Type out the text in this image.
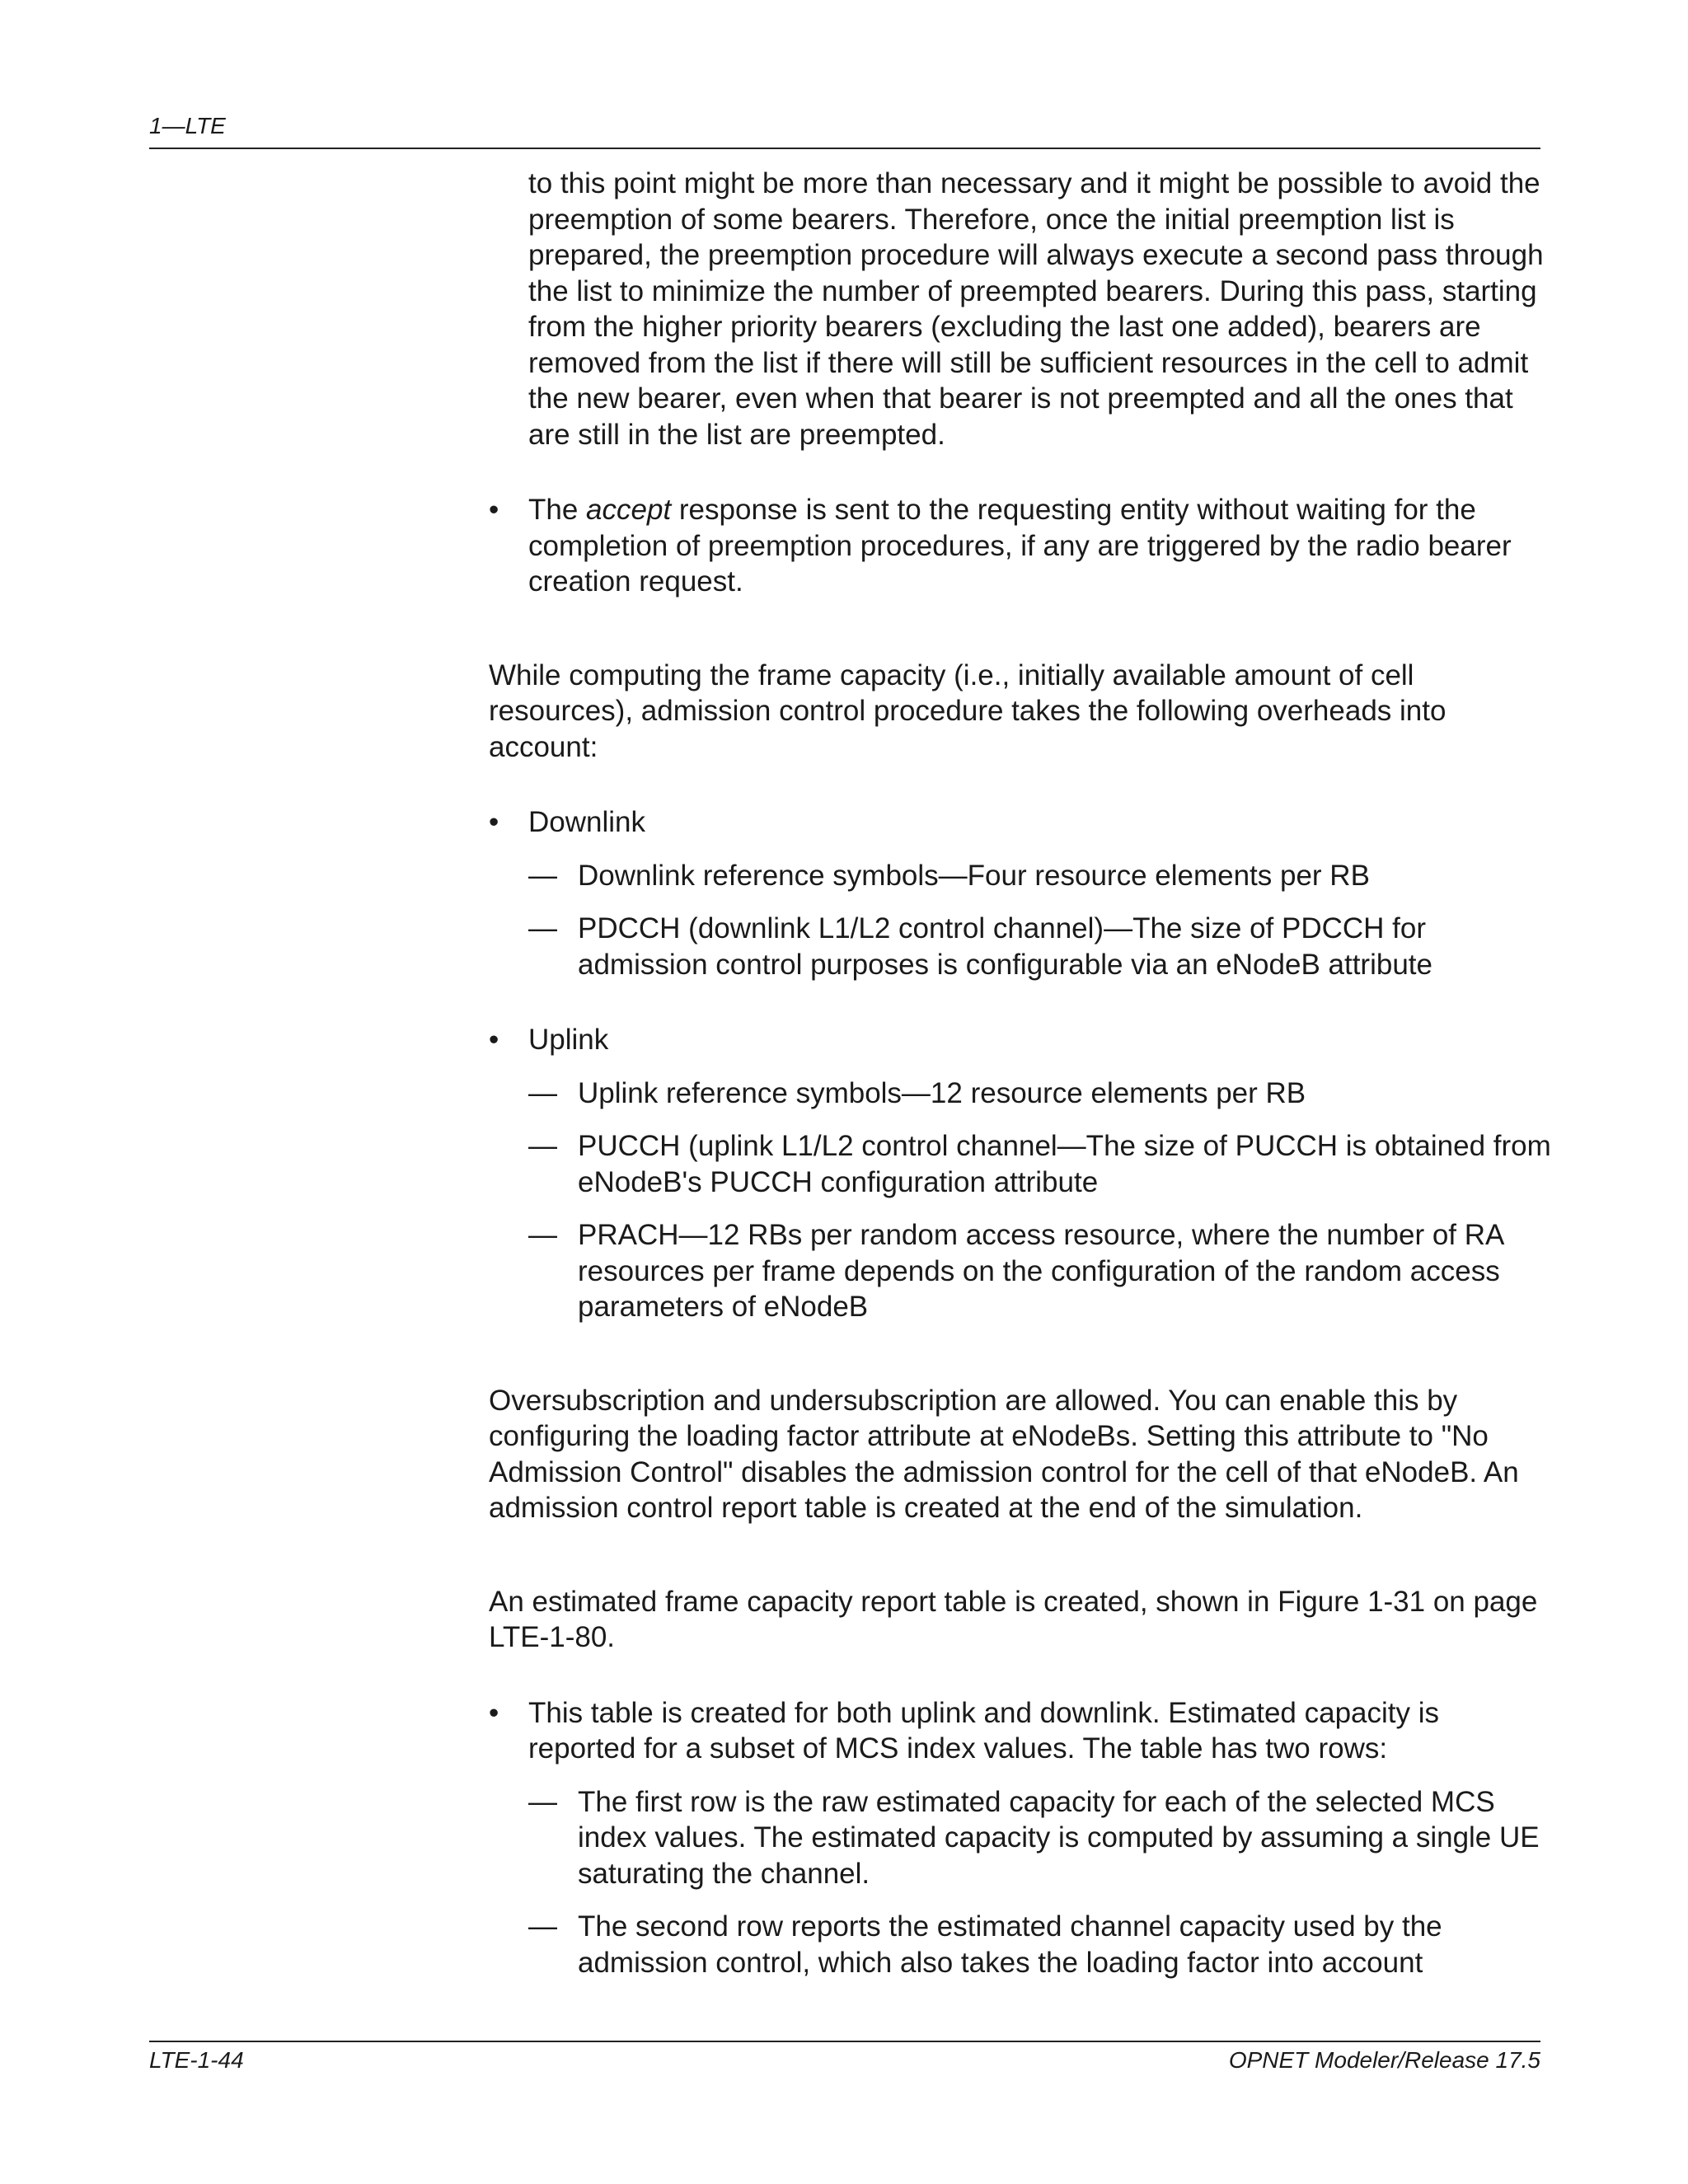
1—LTE

to this point might be more than necessary and it might be possible to avoid the preemption of some bearers. Therefore, once the initial preemption list is prepared, the preemption procedure will always execute a second pass through the list to minimize the number of preempted bearers. During this pass, starting from the higher priority bearers (excluding the last one added), bearers are removed from the list if there will still be sufficient resources in the cell to admit the new bearer, even when that bearer is not preempted and all the ones that are still in the list are preempted.

• The accept response is sent to the requesting entity without waiting for the completion of preemption procedures, if any are triggered by the radio bearer creation request.

While computing the frame capacity (i.e., initially available amount of cell resources), admission control procedure takes the following overheads into account:

• Downlink

— Downlink reference symbols—Four resource elements per RB

— PDCCH (downlink L1/L2 control channel)—The size of PDCCH for admission control purposes is configurable via an eNodeB attribute

• Uplink

— Uplink reference symbols—12 resource elements per RB

— PUCCH (uplink L1/L2 control channel—The size of PUCCH is obtained from eNodeB's PUCCH configuration attribute

— PRACH—12 RBs per random access resource, where the number of RA resources per frame depends on the configuration of the random access parameters of eNodeB

Oversubscription and undersubscription are allowed. You can enable this by configuring the loading factor attribute at eNodeBs. Setting this attribute to "No Admission Control" disables the admission control for the cell of that eNodeB. An admission control report table is created at the end of the simulation.

An estimated frame capacity report table is created, shown in Figure 1-31 on page LTE-1-80.

• This table is created for both uplink and downlink. Estimated capacity is reported for a subset of MCS index values. The table has two rows:

— The first row is the raw estimated capacity for each of the selected MCS index values. The estimated capacity is computed by assuming a single UE saturating the channel.

— The second row reports the estimated channel capacity used by the admission control, which also takes the loading factor into account

LTE-1-44	OPNET Modeler/Release 17.5
